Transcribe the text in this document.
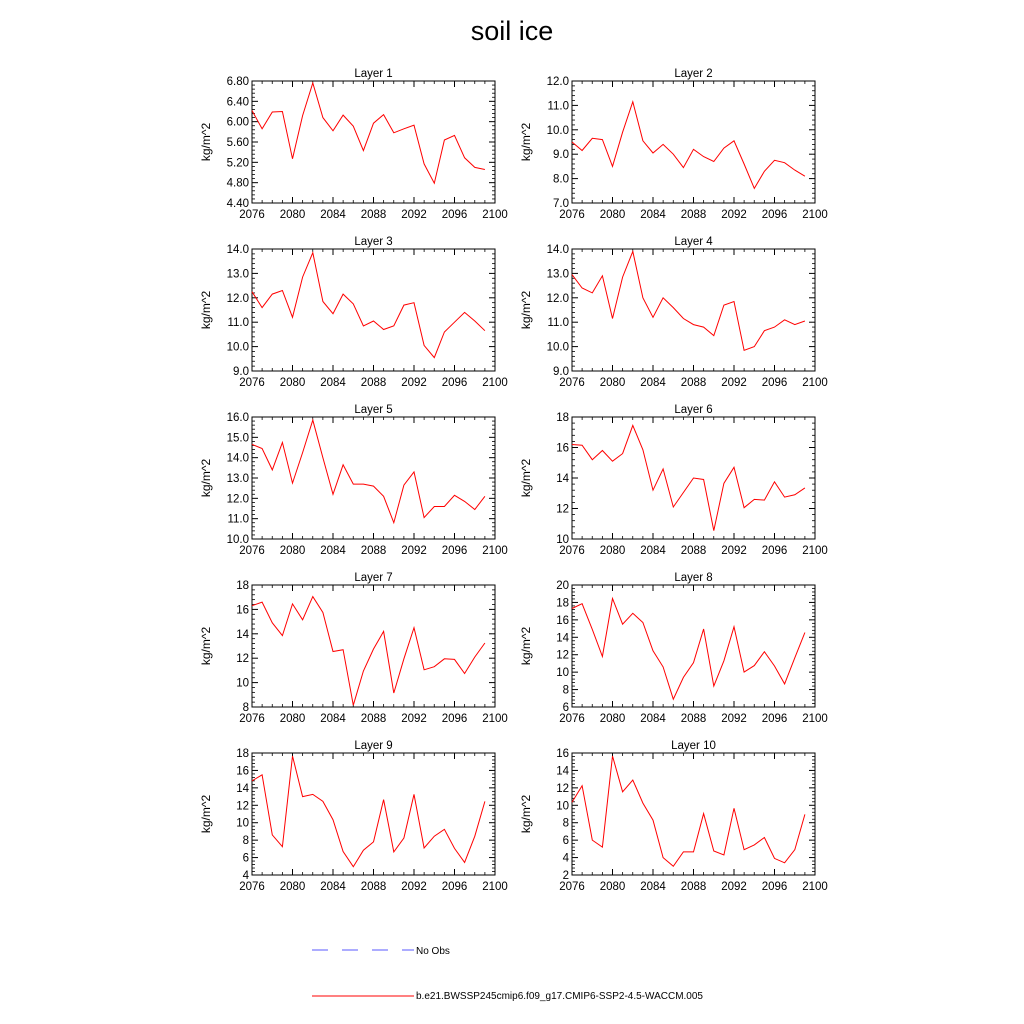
soil ice
2076 2080 2084 2088 2092 2096 2100
4.40
4.80
5.20
5.60
6.00
6.40
6.80
Layer 1
kg/m^2
2076 2080 2084 2088 2092 2096 2100
7.0
8.0
9.0
10.0
11.0
12.0
Layer 2
kg/m^2
2076 2080 2084 2088 2092 2096 2100
9.0
10.0
11.0
12.0
13.0
14.0
Layer 3
kg/m^2
2076 2080 2084 2088 2092 2096 2100
9.0
10.0
11.0
12.0
13.0
14.0
Layer 4
kg/m^2
2076 2080 2084 2088 2092 2096 2100
10.0
11.0
12.0
13.0
14.0
15.0
16.0
Layer 5
kg/m^2
2076 2080 2084 2088 2092 2096 2100
10
12
14
16
18
Layer 6
kg/m^2
2076 2080 2084 2088 2092 2096 2100
8
10
12
14
16
18
Layer 7
kg/m^2
2076 2080 2084 2088 2092 2096 2100
6
8
10
12
14
16
18
20
Layer 8
kg/m^2
2076 2080 2084 2088 2092 2096 2100
4
6
8
10
12
14
16
18
Layer 9
kg/m^2
2076 2080 2084 2088 2092 2096 2100
2
4
6
8
10
12
14
16
Layer 10
kg/m^2
No Obs
b.e21.BWSSP245cmip6.f09_g17.CMIP6-SSP2-4.5-WACCM.005
